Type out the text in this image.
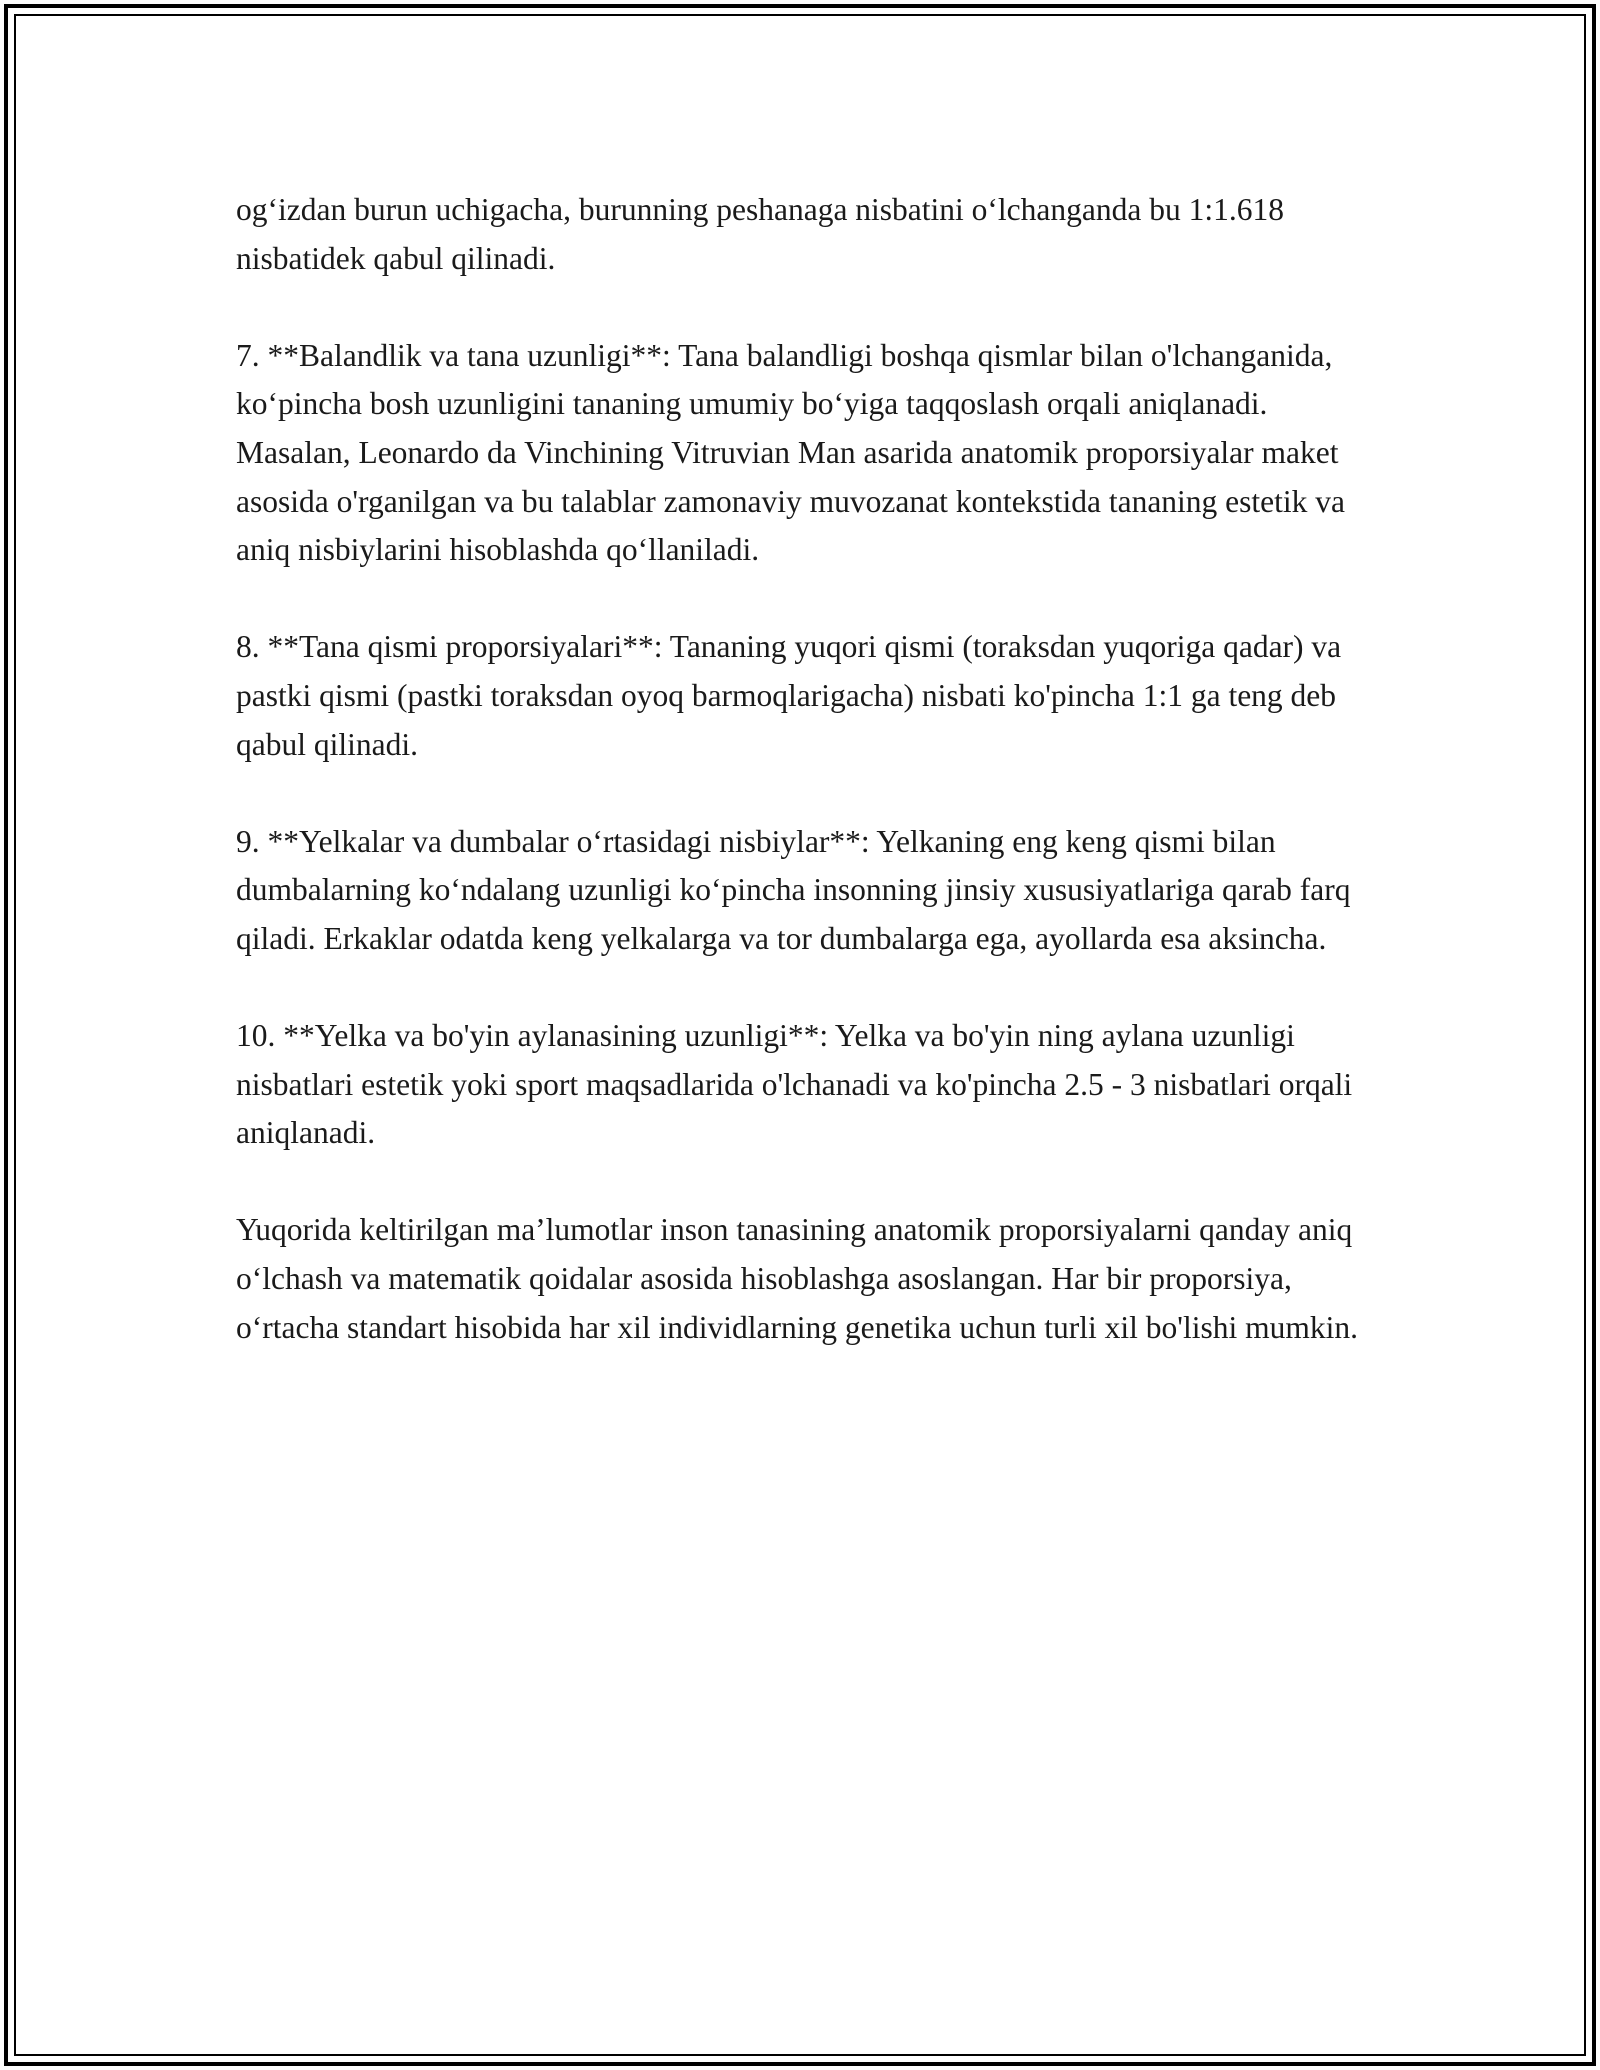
og‘izdan burun uchigacha, burunning peshanaga nisbatini o‘lchanganda bu 1:1.618 nisbatidek qabul qilinadi.

7. **Balandlik va tana uzunligi**: Tana balandligi boshqa qismlar bilan o'lchanganida, ko‘pincha bosh uzunligini tananing umumiy bo‘yiga taqqoslash orqali aniqlanadi. Masalan, Leonardo da Vinchining Vitruvian Man asarida anatomik proporsiyalar maket asosida o'rganilgan va bu talablar zamonaviy muvozanat kontekstida tananing estetik va aniq nisbiylarini hisoblashda qo‘llaniladi.

8. **Tana qismi proporsiyalari**: Tananing yuqori qismi (toraksdan yuqoriga qadar) va pastki qismi (pastki toraksdan oyoq barmoqlarigacha) nisbati ko'pincha 1:1 ga teng deb qabul qilinadi.

9. **Yelkalar va dumbalar o‘rtasidagi nisbiylar**: Yelkaning eng keng qismi bilan dumbalarning ko‘ndalang uzunligi ko‘pincha insonning jinsiy xususiyatlariga qarab farq qiladi. Erkaklar odatda keng yelkalarga va tor dumbalarga ega, ayollarda esa aksincha.

10. **Yelka va bo'yin aylanasining uzunligi**: Yelka va bo'yin ning aylana uzunligi nisbatlari estetik yoki sport maqsadlarida o'lchanadi va ko'pincha 2.5 - 3 nisbatlari orqali aniqlanadi.

Yuqorida keltirilgan ma’lumotlar inson tanasining anatomik proporsiyalarni qanday aniq o‘lchash va matematik qoidalar asosida hisoblashga asoslangan. Har bir proporsiya, o‘rtacha standart hisobida har xil individlarning genetika uchun turli xil bo'lishi mumkin.
